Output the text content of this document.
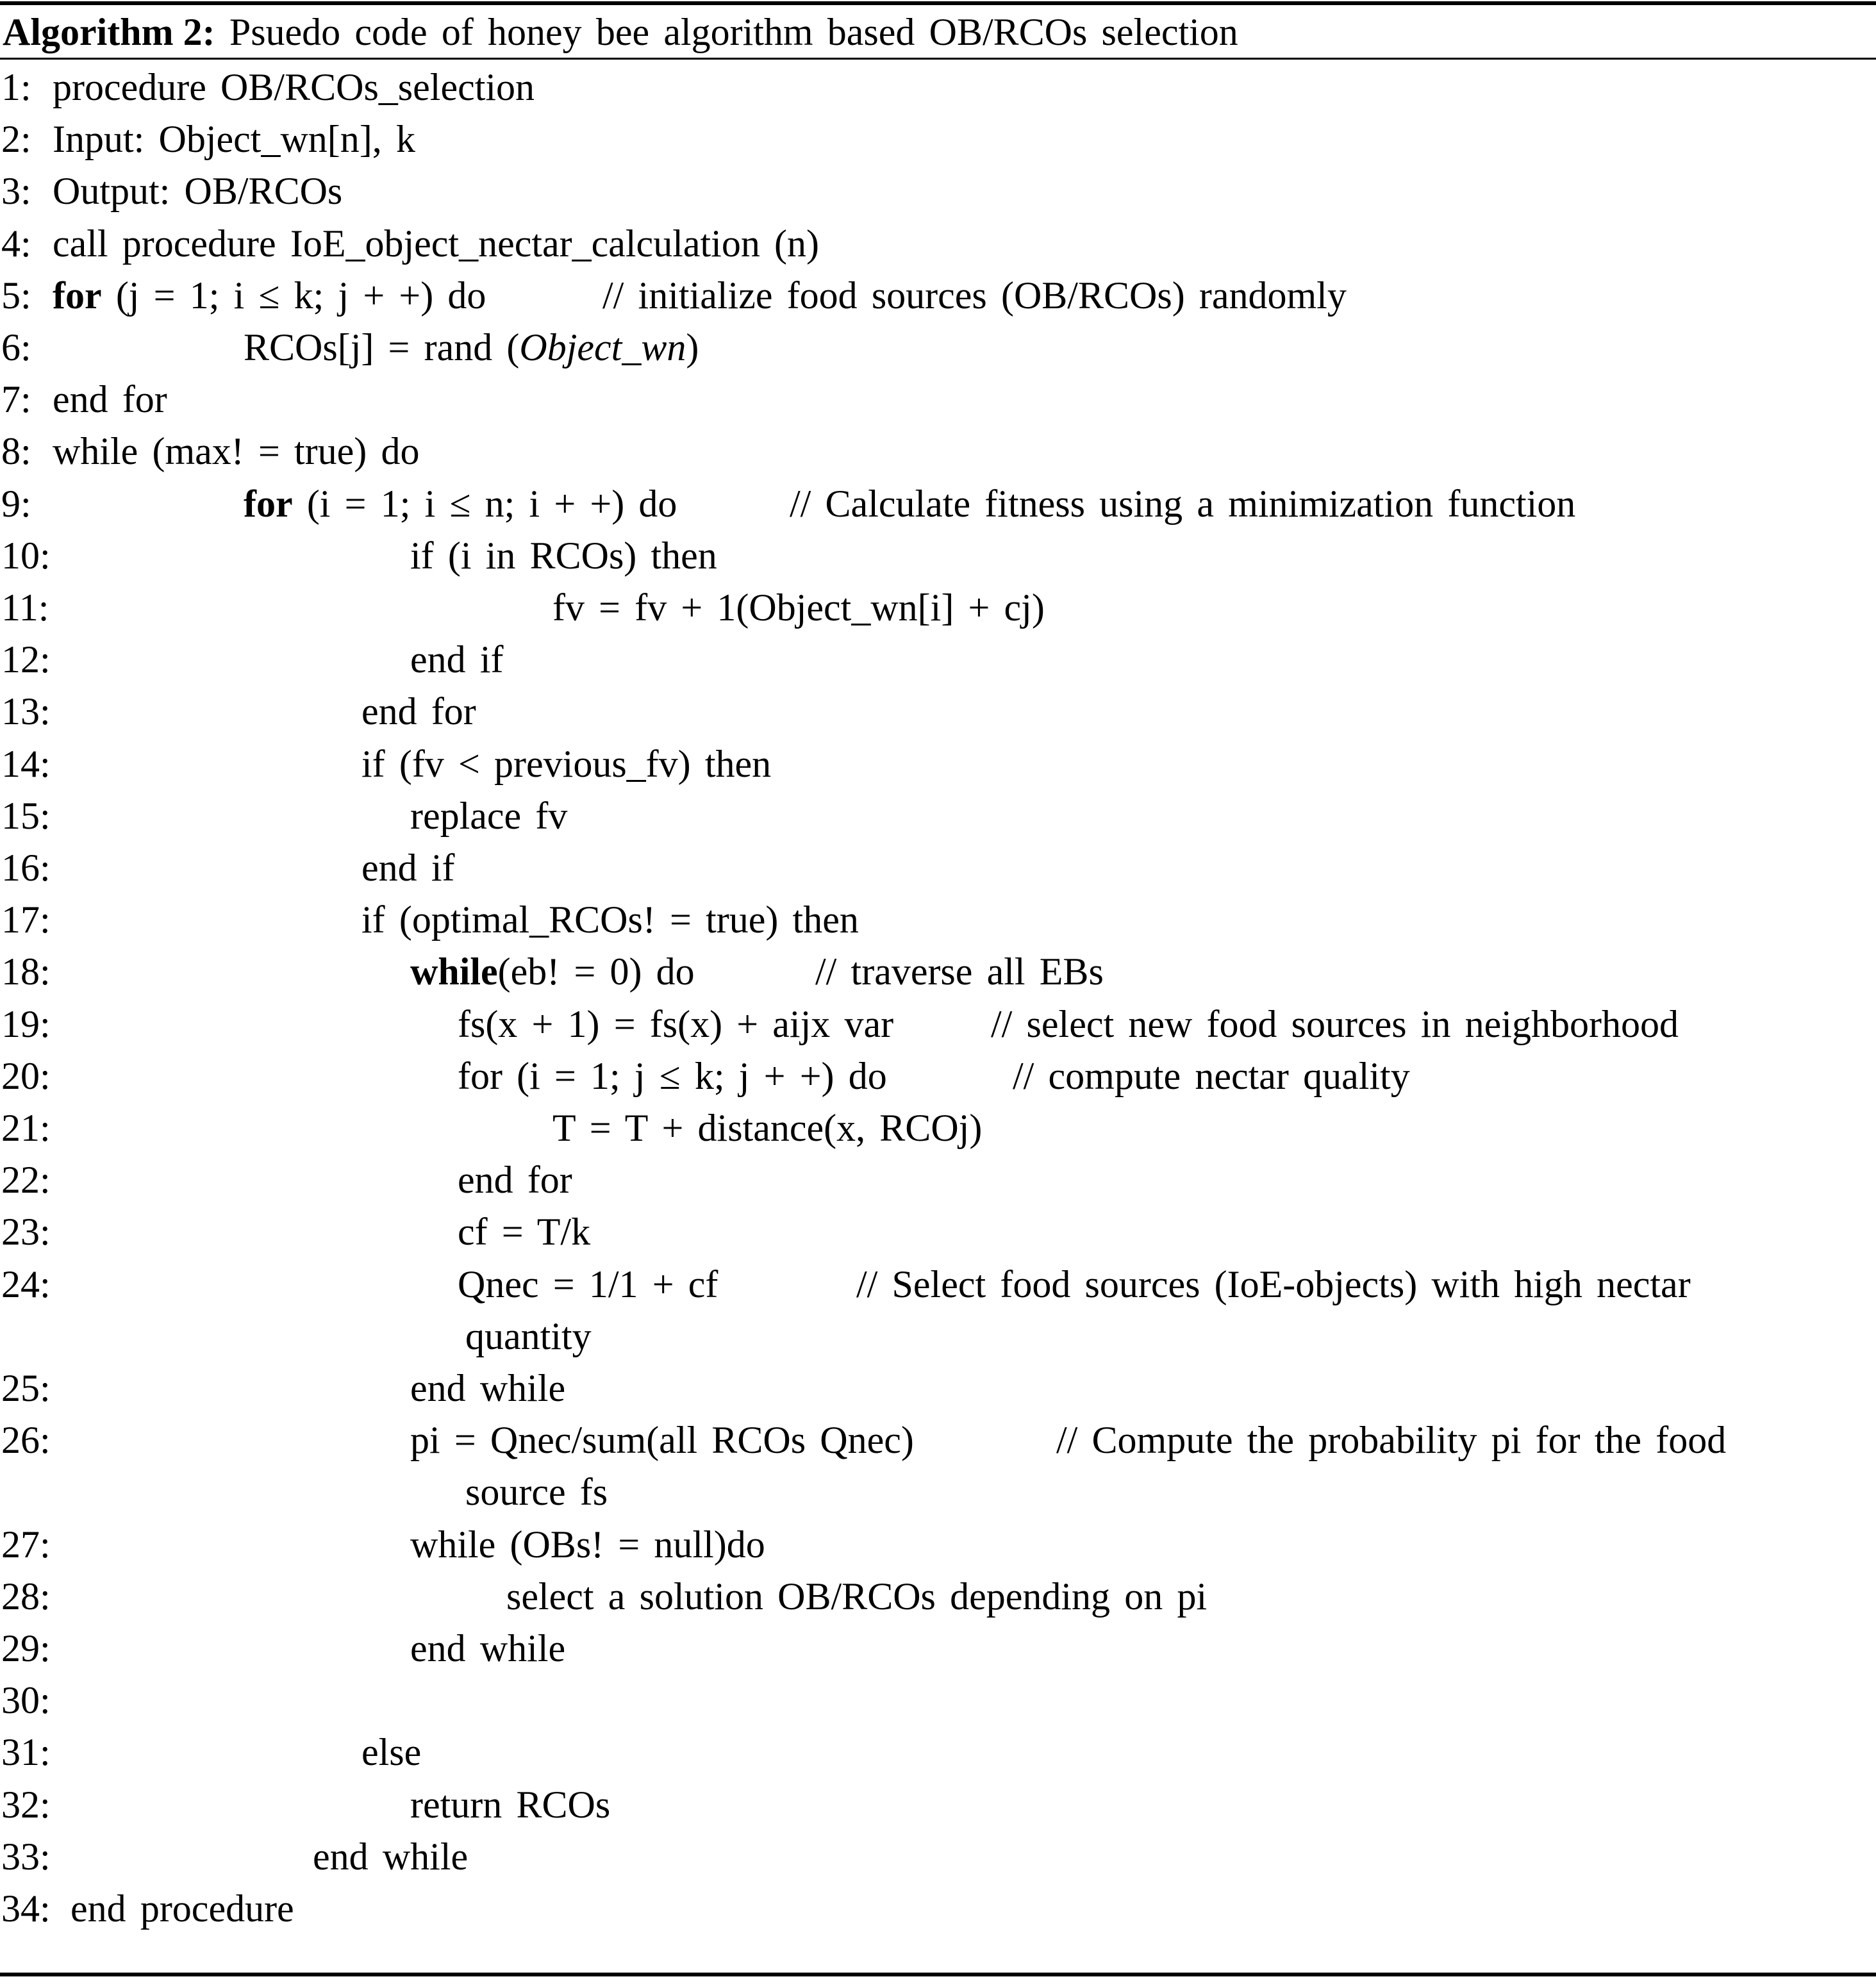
Algorithm 2: Psuedo code of honey bee algorithm based OB/RCOs selection
1: procedure OB/RCOs_selection
2: Input: Object_wn[n], k
3: Output: OB/RCOs
4: call procedure IoE_object_nectar_calculation (n)
5: for (j = 1; i ≤ k; j + +) do	// initialize food sources (OB/RCOs) randomly
6:	RCOs[j] = rand (Object_wn)
7: end for
8: while (max! = true) do
9:	for (i = 1; i ≤ n; i + +) do	// Calculate fitness using a minimization function
10:	if (i in RCOs) then
11:	fv = fv + 1(Object_wn[i] + cj)
12:	end if
13:	end for
14:	if (fv < previous_fv) then
15:	replace fv
16:	end if
17:	if (optimal_RCOs! = true) then
18:	while(eb! = 0) do	// traverse all EBs
19:	fs(x + 1) = fs(x) + aijx var	// select new food sources in neighborhood
20:	for (i = 1; j ≤ k; j + +) do	// compute nectar quality
21:	T = T + distance(x, RCOj)
22:	end for
23:	cf = T/k
24:	Qnec = 1/1 + cf	// Select food sources (IoE-objects) with high nectar
quantity
25:	end while
26:	pi = Qnec/sum(all RCOs Qnec)	// Compute the probability pi for the food
source fs
27:	while (OBs! = null)do
28:	select a solution OB/RCOs depending on pi
29:	end while
30:
31:	else
32:	return RCOs
33:	end while
34: end procedure
